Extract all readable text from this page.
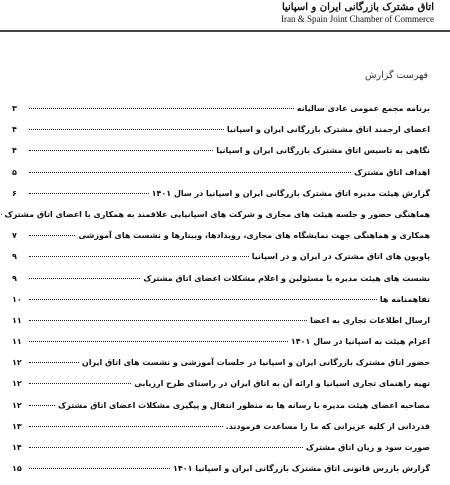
اتاق مشترک بازرگانی ایران و اسپانیا
Iran & Spain Joint Chamber of Commerce
فهرست گزارش
برنامه مجمع عمومی عادی سالیانه
۳
اعضای ارجمند اتاق مشترک بازرگانی ایران و اسپانیا
۴
نگاهی به تاسیس اتاق مشترک بازرگانی ایران و اسپانیا
۴
اهداف اتاق مشترک
۵
گزارش هیئت مدیره اتاق مشترک بازرگانی ایران و اسپانیا در سال ۱۴۰۱
۶
هماهنگی حضور و جلسه هیئت های مجازی و شرکت های اسپانیایی علاقمند به همکاری با اعضای اتاق مشترک
همکاری و هماهنگی جهت نمایشگاه های مجازی، رویدادها، وبینارها و نشست های آموزشی
۷
پاویون های اتاق مشترک در ایران و در اسپانیا
۹
نشست های هیئت مدیره با مسئولین و اعلام مشکلات اعضای اتاق مشترک
۹
تفاهمنامه ها
۱۰
ارسال اطلاعات تجاری به اعضا
۱۱
اعزام هیئت به اسپانیا در سال ۱۴۰۱
۱۱
حضور اتاق مشترک بازرگانی ایران و اسپانیا در جلسات آموزشی و نشست های اتاق ایران
۱۲
تهیه راهنمای تجاری اسپانیا و ارائه آن به اتاق ایران در راستای طرح ارزیابی
۱۲
مصاحبه اعضای هیئت مدیره با رسانه ها به منظور انتقال و پیگیری مشکلات اعضای اتاق مشترک
۱۲
قدردانی از کلیه عزیزانی که ما را مساعدت فرمودند.
۱۳
صورت سود و زیان اتاق مشترک
۱۴
گزارش بازرس قانونی اتاق مشترک بازرگانی ایران و اسپانیا ۱۴۰۱
۱۵
